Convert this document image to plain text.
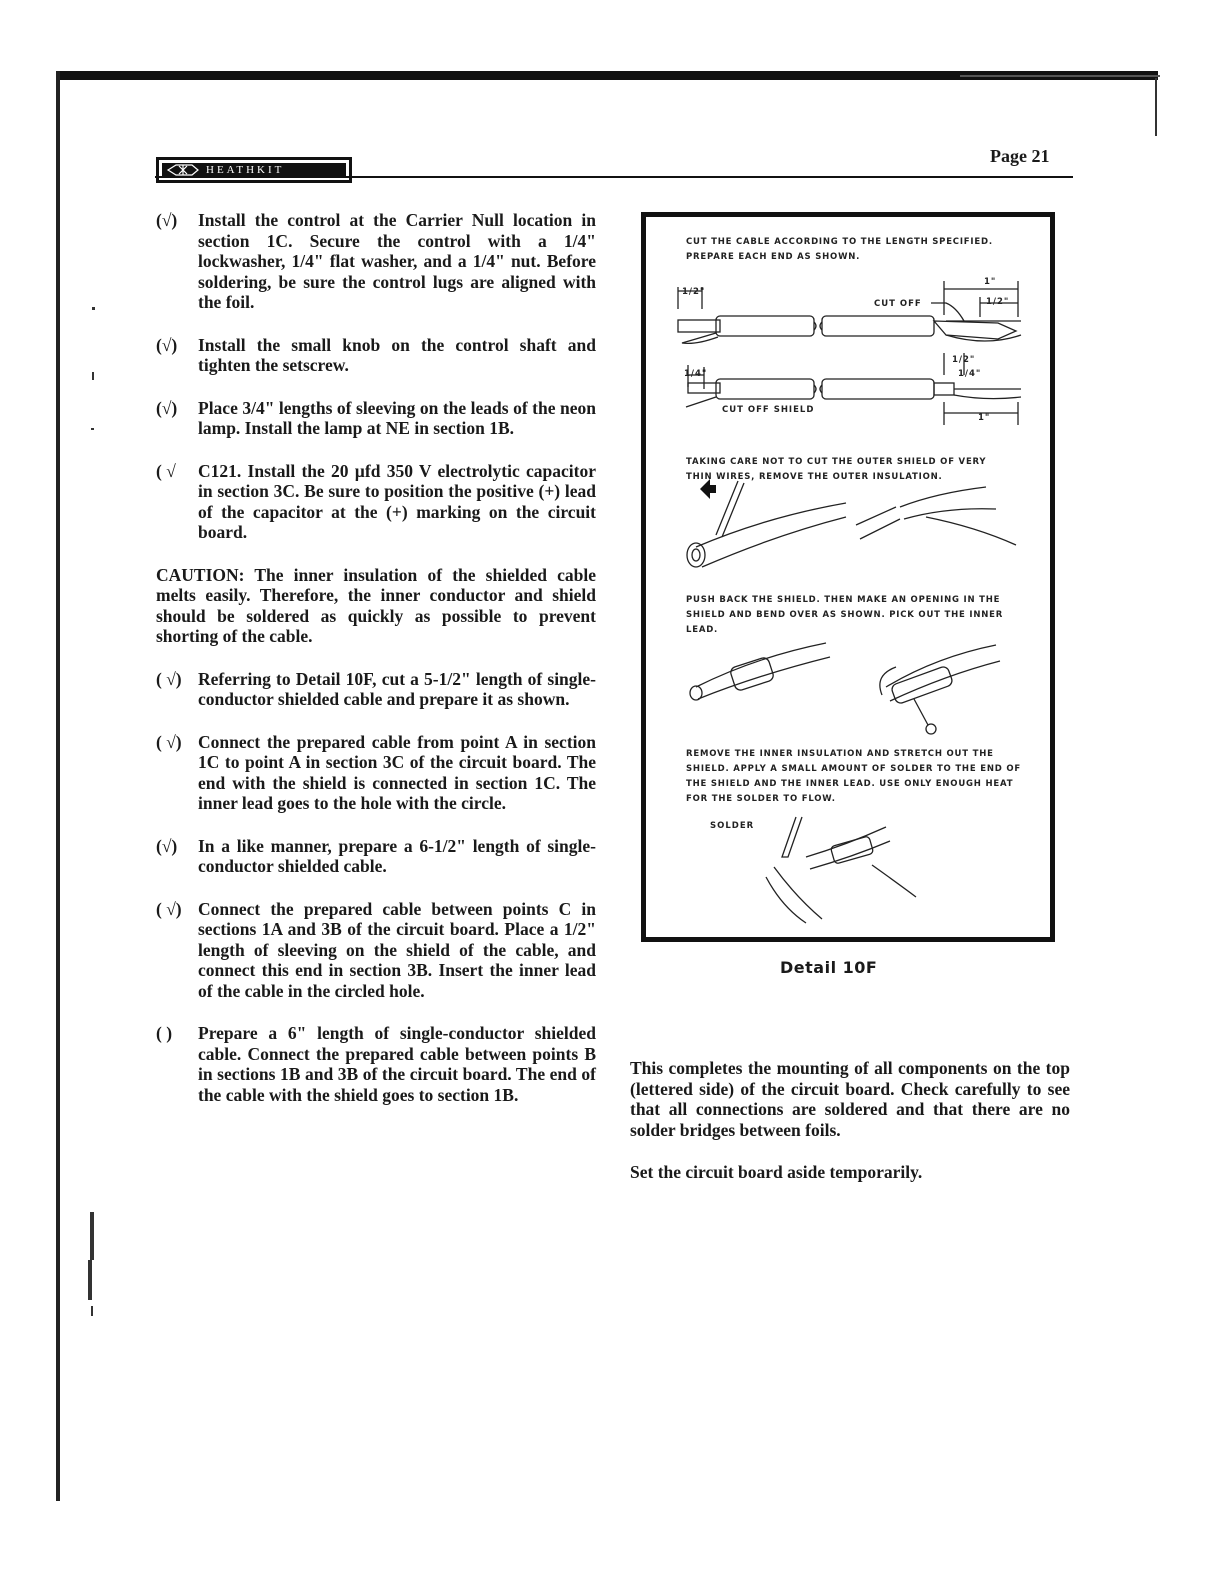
HEATHKIT
Page 21
(√)	Install the control at the Carrier Null location in section 1C. Secure the control with a 1/4" lockwasher, 1/4" flat washer, and a 1/4" nut. Before soldering, be sure the control lugs are aligned with the foil.
(√)	Install the small knob on the control shaft and tighten the setscrew.
(√)	Place 3/4" lengths of sleeving on the leads of the neon lamp. Install the lamp at NE in section 1B.
( √	C121. Install the 20 µfd 350 V electrolytic capacitor in section 3C. Be sure to position the positive (+) lead of the capacitor at the (+) marking on the circuit board.
CAUTION: The inner insulation of the shielded cable melts easily. Therefore, the inner conductor and shield should be soldered as quickly as possible to prevent shorting of the cable.
( √) Referring to Detail 10F, cut a 5-1/2" length of single-conductor shielded cable and prepare it as shown.
( √) Connect the prepared cable from point A in section 1C to point A in section 3C of the circuit board. The end with the shield is connected in section 1C. The inner lead goes to the hole with the circle.
(√)	In a like manner, prepare a 6-1/2" length of single-conductor shielded cable.
( √) Connect the prepared cable between points C in sections 1A and 3B of the circuit board. Place a 1/2" length of sleeving on the shield of the cable, and connect this end in section 3B. Insert the inner lead of the cable in the circled hole.
( )	Prepare a 6" length of single-conductor shielded cable. Connect the prepared cable between points B in sections 1B and 3B of the circuit board. The end of the cable with the shield goes to section 1B.
CUT THE CABLE ACCORDING TO THE LENGTH SPECIFIED. PREPARE EACH END AS SHOWN.
1/2"
1"
1/2"
CUT OFF
1/2"
1/4"
1/4"
CUT OFF SHIELD
1"
TAKING CARE NOT TO CUT THE OUTER SHIELD OF VERY THIN WIRES, REMOVE THE OUTER INSULATION.
PUSH BACK THE SHIELD. THEN MAKE AN OPENING IN THE SHIELD AND BEND OVER AS SHOWN. PICK OUT THE INNER LEAD.
REMOVE THE INNER INSULATION AND STRETCH OUT THE SHIELD. APPLY A SMALL AMOUNT OF SOLDER TO THE END OF THE SHIELD AND THE INNER LEAD. USE ONLY ENOUGH HEAT FOR THE SOLDER TO FLOW.
SOLDER
Detail 10F

This completes the mounting of all components on the top (lettered side) of the circuit board. Check carefully to see that all connections are soldered and that there are no solder bridges between foils.

Set the circuit board aside temporarily.
